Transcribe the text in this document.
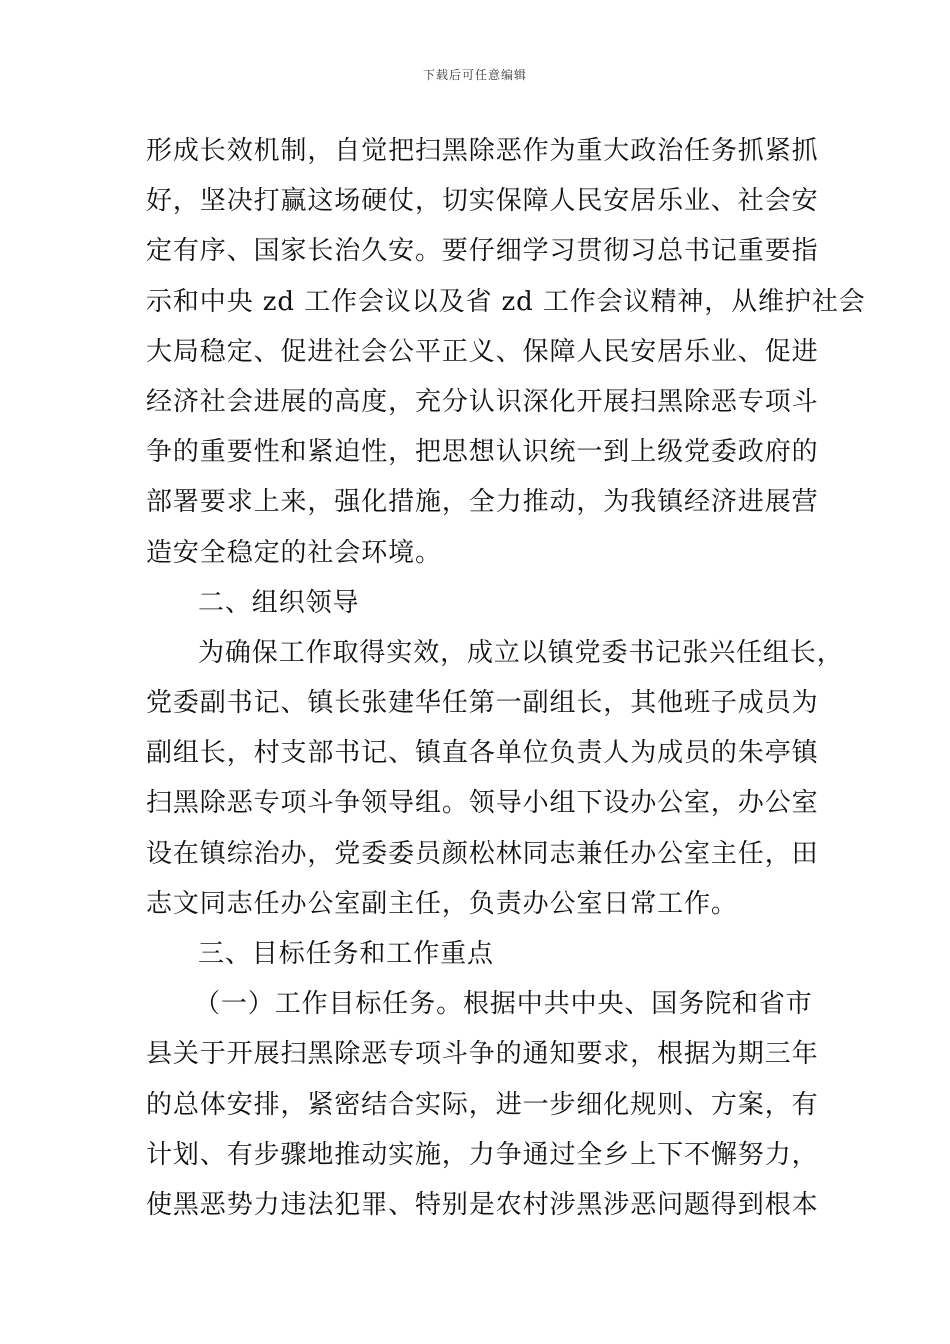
下载后可任意编辑
形成长效机制，自觉把扫黑除恶作为重大政治任务抓紧抓
好，坚决打赢这场硬仗，切实保障人民安居乐业、社会安
定有序、国家长治久安。要仔细学习贯彻习总书记重要指
示和中央 zd 工作会议以及省 zd 工作会议精神，从维护社会
大局稳定、促进社会公平正义、保障人民安居乐业、促进
经济社会进展的高度，充分认识深化开展扫黑除恶专项斗
争的重要性和紧迫性，把思想认识统一到上级党委政府的
部署要求上来，强化措施，全力推动，为我镇经济进展营
造安全稳定的社会环境。
二、组织领导
为确保工作取得实效，成立以镇党委书记张兴任组长，
党委副书记、镇长张建华任第一副组长，其他班子成员为
副组长，村支部书记、镇直各单位负责人为成员的朱亭镇
扫黑除恶专项斗争领导组。领导小组下设办公室，办公室
设在镇综治办，党委委员颜松林同志兼任办公室主任，田
志文同志任办公室副主任，负责办公室日常工作。
三、目标任务和工作重点
（一）工作目标任务。根据中共中央、国务院和省市
县关于开展扫黑除恶专项斗争的通知要求，根据为期三年
的总体安排，紧密结合实际，进一步细化规则、方案，有
计划、有步骤地推动实施，力争通过全乡上下不懈努力，
使黑恶势力违法犯罪、特别是农村涉黑涉恶问题得到根本
